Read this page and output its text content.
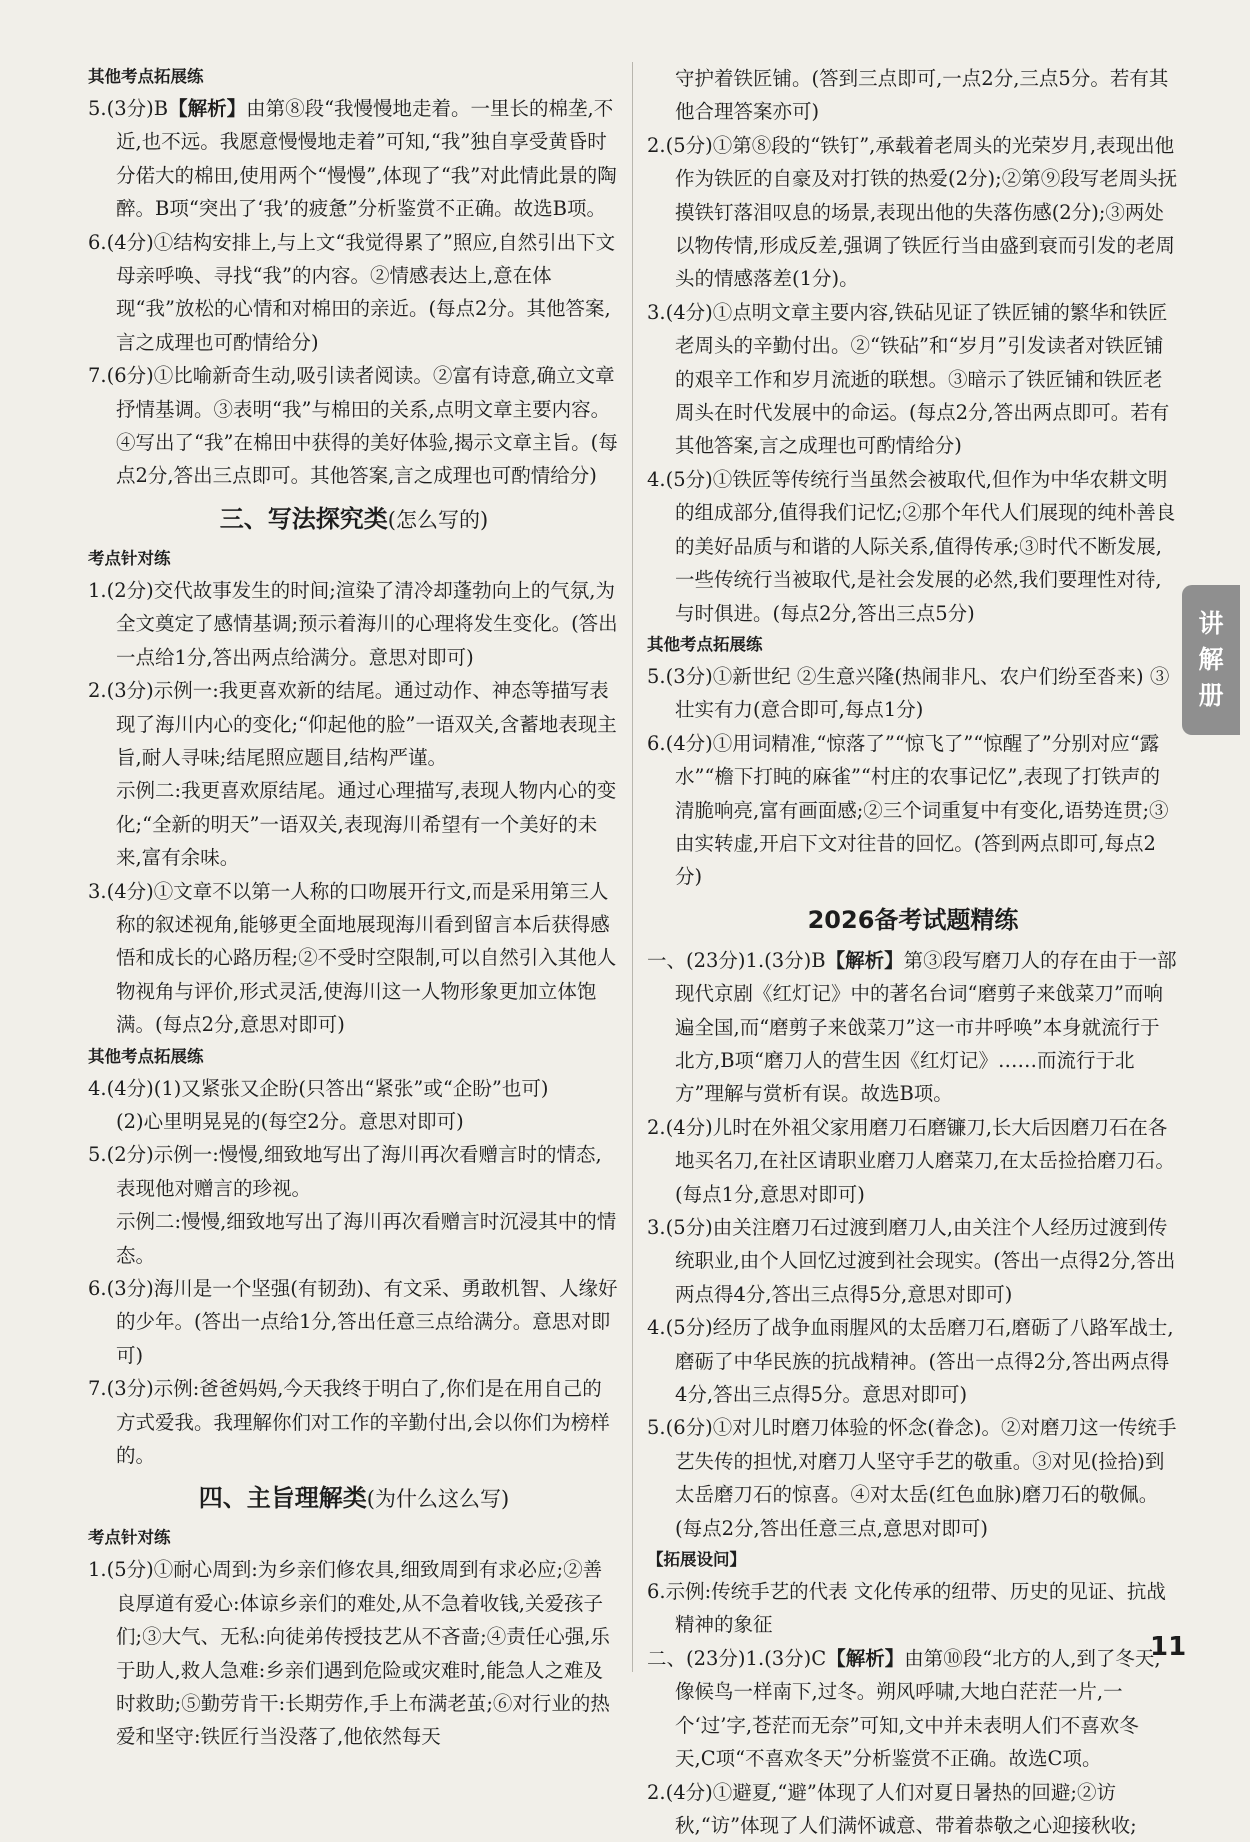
其他考点拓展练

5.(3分)B【解析】由第⑧段“我慢慢地走着。一里长的棉垄,不近,也不远。我愿意慢慢地走着”可知,“我”独自享受黄昏时分偌大的棉田,使用两个“慢慢”,体现了“我”对此情此景的陶醉。B项“突出了‘我’的疲惫”分析鉴赏不正确。故选B项。

6.(4分)①结构安排上,与上文“我觉得累了”照应,自然引出下文母亲呼唤、寻找“我”的内容。②情感表达上,意在体现“我”放松的心情和对棉田的亲近。(每点2分。其他答案,言之成理也可酌情给分)

7.(6分)①比喻新奇生动,吸引读者阅读。②富有诗意,确立文章抒情基调。③表明“我”与棉田的关系,点明文章主要内容。④写出了“我”在棉田中获得的美好体验,揭示文章主旨。(每点2分,答出三点即可。其他答案,言之成理也可酌情给分)

三、写法探究类(怎么写的)

考点针对练

1.(2分)交代故事发生的时间;渲染了清冷却蓬勃向上的气氛,为全文奠定了感情基调;预示着海川的心理将发生变化。(答出一点给1分,答出两点给满分。意思对即可)

2.(3分)示例一:我更喜欢新的结尾。通过动作、神态等描写表现了海川内心的变化;“仰起他的脸”一语双关,含蓄地表现主旨,耐人寻味;结尾照应题目,结构严谨。

示例二:我更喜欢原结尾。通过心理描写,表现人物内心的变化;“全新的明天”一语双关,表现海川希望有一个美好的未来,富有余味。

3.(4分)①文章不以第一人称的口吻展开行文,而是采用第三人称的叙述视角,能够更全面地展现海川看到留言本后获得感悟和成长的心路历程;②不受时空限制,可以自然引入其他人物视角与评价,形式灵活,使海川这一人物形象更加立体饱满。(每点2分,意思对即可)

其他考点拓展练

4.(4分)(1)又紧张又企盼(只答出“紧张”或“企盼”也可)

(2)心里明晃晃的(每空2分。意思对即可)

5.(2分)示例一:慢慢,细致地写出了海川再次看赠言时的情态,表现他对赠言的珍视。

示例二:慢慢,细致地写出了海川再次看赠言时沉浸其中的情态。

6.(3分)海川是一个坚强(有韧劲)、有文采、勇敢机智、人缘好的少年。(答出一点给1分,答出任意三点给满分。意思对即可)

7.(3分)示例:爸爸妈妈,今天我终于明白了,你们是在用自己的方式爱我。我理解你们对工作的辛勤付出,会以你们为榜样的。

四、主旨理解类(为什么这么写)

考点针对练

1.(5分)①耐心周到:为乡亲们修农具,细致周到有求必应;②善良厚道有爱心:体谅乡亲们的难处,从不急着收钱,关爱孩子们;③大气、无私:向徒弟传授技艺从不吝啬;④责任心强,乐于助人,救人急难:乡亲们遇到危险或灾难时,能急人之难及时救助;⑤勤劳肯干:长期劳作,手上布满老茧;⑥对行业的热爱和坚守:铁匠行当没落了,他依然每天

守护着铁匠铺。(答到三点即可,一点2分,三点5分。若有其他合理答案亦可)

2.(5分)①第⑧段的“铁钉”,承载着老周头的光荣岁月,表现出他作为铁匠的自豪及对打铁的热爱(2分);②第⑨段写老周头抚摸铁钉落泪叹息的场景,表现出他的失落伤感(2分);③两处以物传情,形成反差,强调了铁匠行当由盛到衰而引发的老周头的情感落差(1分)。

3.(4分)①点明文章主要内容,铁砧见证了铁匠铺的繁华和铁匠老周头的辛勤付出。②“铁砧”和“岁月”引发读者对铁匠铺的艰辛工作和岁月流逝的联想。③暗示了铁匠铺和铁匠老周头在时代发展中的命运。(每点2分,答出两点即可。若有其他答案,言之成理也可酌情给分)

4.(5分)①铁匠等传统行当虽然会被取代,但作为中华农耕文明的组成部分,值得我们记忆;②那个年代人们展现的纯朴善良的美好品质与和谐的人际关系,值得传承;③时代不断发展,一些传统行当被取代,是社会发展的必然,我们要理性对待,与时俱进。(每点2分,答出三点5分)

其他考点拓展练

5.(3分)①新世纪 ②生意兴隆(热闹非凡、农户们纷至沓来) ③壮实有力(意合即可,每点1分)

6.(4分)①用词精准,“惊落了”“惊飞了”“惊醒了”分别对应“露水”“檐下打盹的麻雀”“村庄的农事记忆”,表现了打铁声的清脆响亮,富有画面感;②三个词重复中有变化,语势连贯;③由实转虚,开启下文对往昔的回忆。(答到两点即可,每点2分)

2026备考试题精练

一、(23分)1.(3分)B【解析】第③段写磨刀人的存在由于一部现代京剧《红灯记》中的著名台词“磨剪子来戗菜刀”而响遍全国,而“磨剪子来戗菜刀”这一市井呼唤”本身就流行于北方,B项“磨刀人的营生因《红灯记》……而流行于北方”理解与赏析有误。故选B项。

2.(4分)儿时在外祖父家用磨刀石磨镰刀,长大后因磨刀石在各地买名刀,在社区请职业磨刀人磨菜刀,在太岳捡拾磨刀石。(每点1分,意思对即可)

3.(5分)由关注磨刀石过渡到磨刀人,由关注个人经历过渡到传统职业,由个人回忆过渡到社会现实。(答出一点得2分,答出两点得4分,答出三点得5分,意思对即可)

4.(5分)经历了战争血雨腥风的太岳磨刀石,磨砺了八路军战士,磨砺了中华民族的抗战精神。(答出一点得2分,答出两点得4分,答出三点得5分。意思对即可)

5.(6分)①对儿时磨刀体验的怀念(眷念)。②对磨刀这一传统手艺失传的担忧,对磨刀人坚守手艺的敬重。③对见(捡拾)到太岳磨刀石的惊喜。④对太岳(红色血脉)磨刀石的敬佩。(每点2分,答出任意三点,意思对即可)

【拓展设问】

6.示例:传统手艺的代表 文化传承的纽带、历史的见证、抗战精神的象征

二、(23分)1.(3分)C【解析】由第⑩段“北方的人,到了冬天,像候鸟一样南下,过冬。朔风呼啸,大地白茫茫一片,一个‘过’字,苍茫而无奈”可知,文中并未表明人们不喜欢冬天,C项“不喜欢冬天”分析鉴赏不正确。故选C项。

2.(4分)①避夏,“避”体现了人们对夏日暑热的回避;②访秋,“访”体现了人们满怀诚意、带着恭敬之心迎接秋收;

讲
解
册
11
